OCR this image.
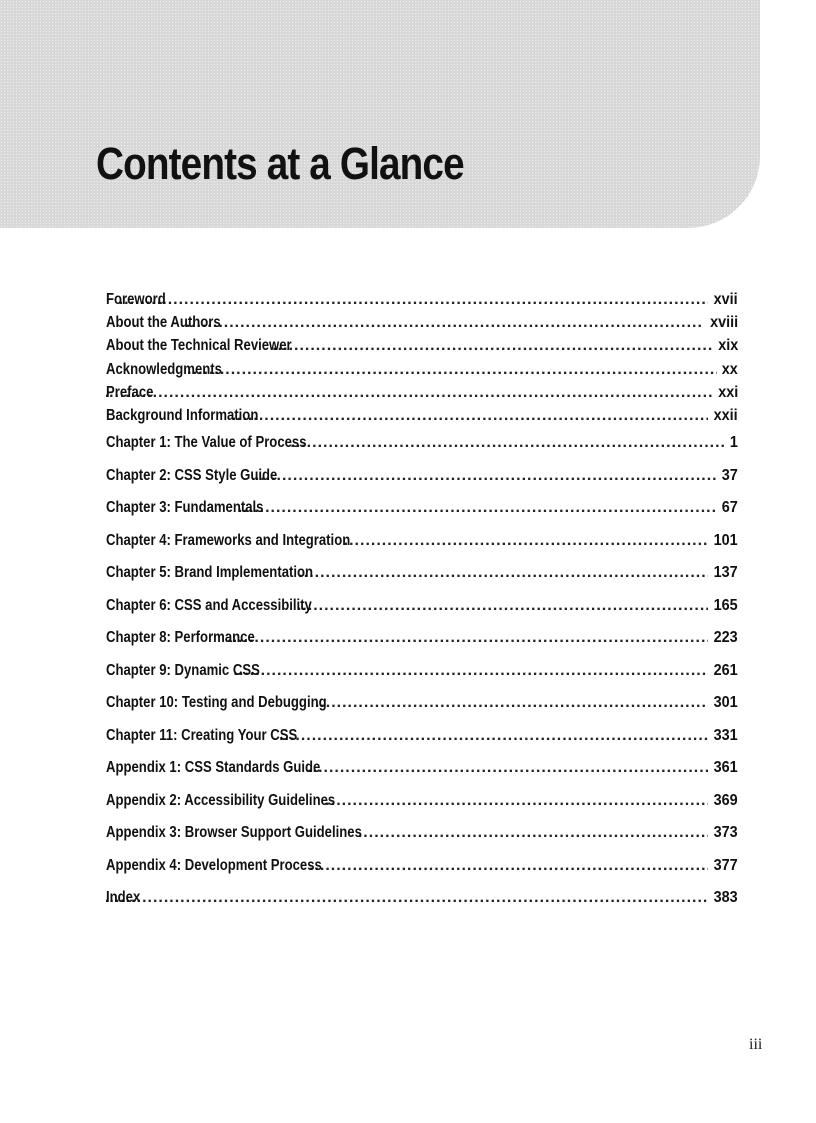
Contents at a Glance
Foreword .....	xvii
About the Authors .....	xviii
About the Technical Reviewer .....	xix
Acknowledgments .....	xx
Preface .....	xxi
Background Information .....	xxii
Chapter 1: The Value of Process .....	1
Chapter 2: CSS Style Guide .....	37
Chapter 3: Fundamentals .....	67
Chapter 4: Frameworks and Integration .....	101
Chapter 5: Brand Implementation .....	137
Chapter 6: CSS and Accessibility .....	165
Chapter 8: Performance .....	223
Chapter 9: Dynamic CSS .....	261
Chapter 10: Testing and Debugging .....	301
Chapter 11: Creating Your CSS .....	331
Appendix 1: CSS Standards Guide .....	361
Appendix 2: Accessibility Guidelines .....	369
Appendix 3: Browser Support Guidelines .....	373
Appendix 4: Development Process .....	377
Index .....	383
iii
